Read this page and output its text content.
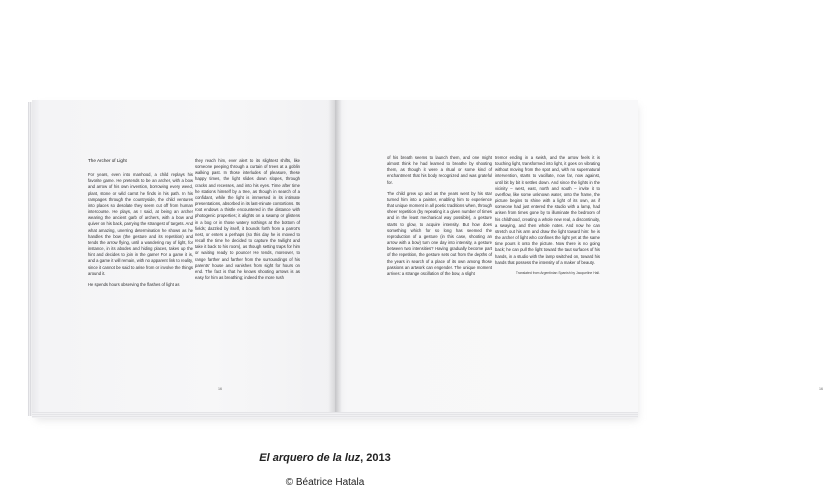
The Archer of Light

For years, even into manhood, a child replays his favorite game. He pretends to be an archer, with a bow and arrow of his own invention, borrowing every weed, plant, stone or wild carrot he finds in his path. In his rampages through the countryside, the child ventures into places so desolate they seem cut off from human intercourse. He plays, as I said, at being an archer wearing the ancient garb of archers, with a bow and quiver on his back, parrying the strangest of targets. And what amazing, unerring determination he shows as he handles the bow (the gesture and its repetition) and tends the arrow flying, until a wandering ray of light, for instance, in its abodes and hiding places, takes up the hint and decides to join in the game! For a game it is, and a game it will remain, with no apparent link to reality, since it cannot be said to arise from or involve the things around it.

He spends hours observing the flashes of light as

they reach him, ever alert to its slightest shifts, like someone peeping through a curtain of trees at a goblin walking past. In those interludes of pleasure, these happy times, the light slides down slopes, through cracks and recesses, and into his eyes. Time after time he stations himself by a tree, as though in search of a confidant, while the light is immersed in its intimate presentations, absorbed in its last-minute contortions. Its root endows a thistle encountered in the distance with photogenic properties; it alights on a swamp or glistens in a bog or in those watery nothings at the bottom of fields; dazzled by itself, it bounds forth from a parrot’s nest, or enters a perhaps (so this day he is moved to recall the time he decided to capture the twilight and take it back to his room), as though setting traps for him or waiting ready to pounce! He tends, moreover, to range farther and farther from the surroundings of his parents’ house and vanishes from sight for hours on end. The fact is that he knows shooting arrows is as easy for him as breathing; indeed the more rush

16

of his breath seems to launch them, and one might almost think he had learned to breathe by shooting them, as though it were a ritual or some kind of enchantment that his body recognized and was grateful for.

The child grew up and as the years went by his star turned him into a painter, enabling him to experience that unique moment in all poetic traditions when, through sheer repetition (by repeating it a given number of times and in the least mechanical way possible), a gesture starts to glow, to acquire intensity. But how does something which for so long has seemed the reproduction of a gesture (in this case, shooting an arrow with a bow) turn one day into intensity, a gesture between two intensities? Having gradually become part of the repetition, the gesture sets out from the depths of the years in search of a place of its own among those passions an artwork can engender. The unique moment arrives: a strange oscillation of the bow, a slight

tremor ending in a swish, and the arrow feels it is touching light, transformed into light, it goes on vibrating without moving from the spot and, with no supernatural intervention, starts to vacillate, now far, now against, until bit by bit it settles down. And since the lights in the vicinity – west, east, north and south – invite it to overflow, like some unknown water, onto the frame, the picture begins to shine with a light of its own, as if someone had just entered the studio with a lamp, had arisen from times gone by to illuminate the bedroom of his childhood, creating a whole new real, a discontinuity, a swaying, and then whole notes. And now he can stretch out his arm and draw the light toward him: he is the archer of light who confines the light yet at the same time pours it onto the picture. Now there is no going back; he can pull the light toward the taut surfaces of his hands, in a studio with the lamp switched on, toward his hands that possess the intensity of a maker of beauty.

Translated from Argentinian Spanish by Jacqueline Hall.
16
El arquero de la luz, 2013
© Béatrice Hatala
